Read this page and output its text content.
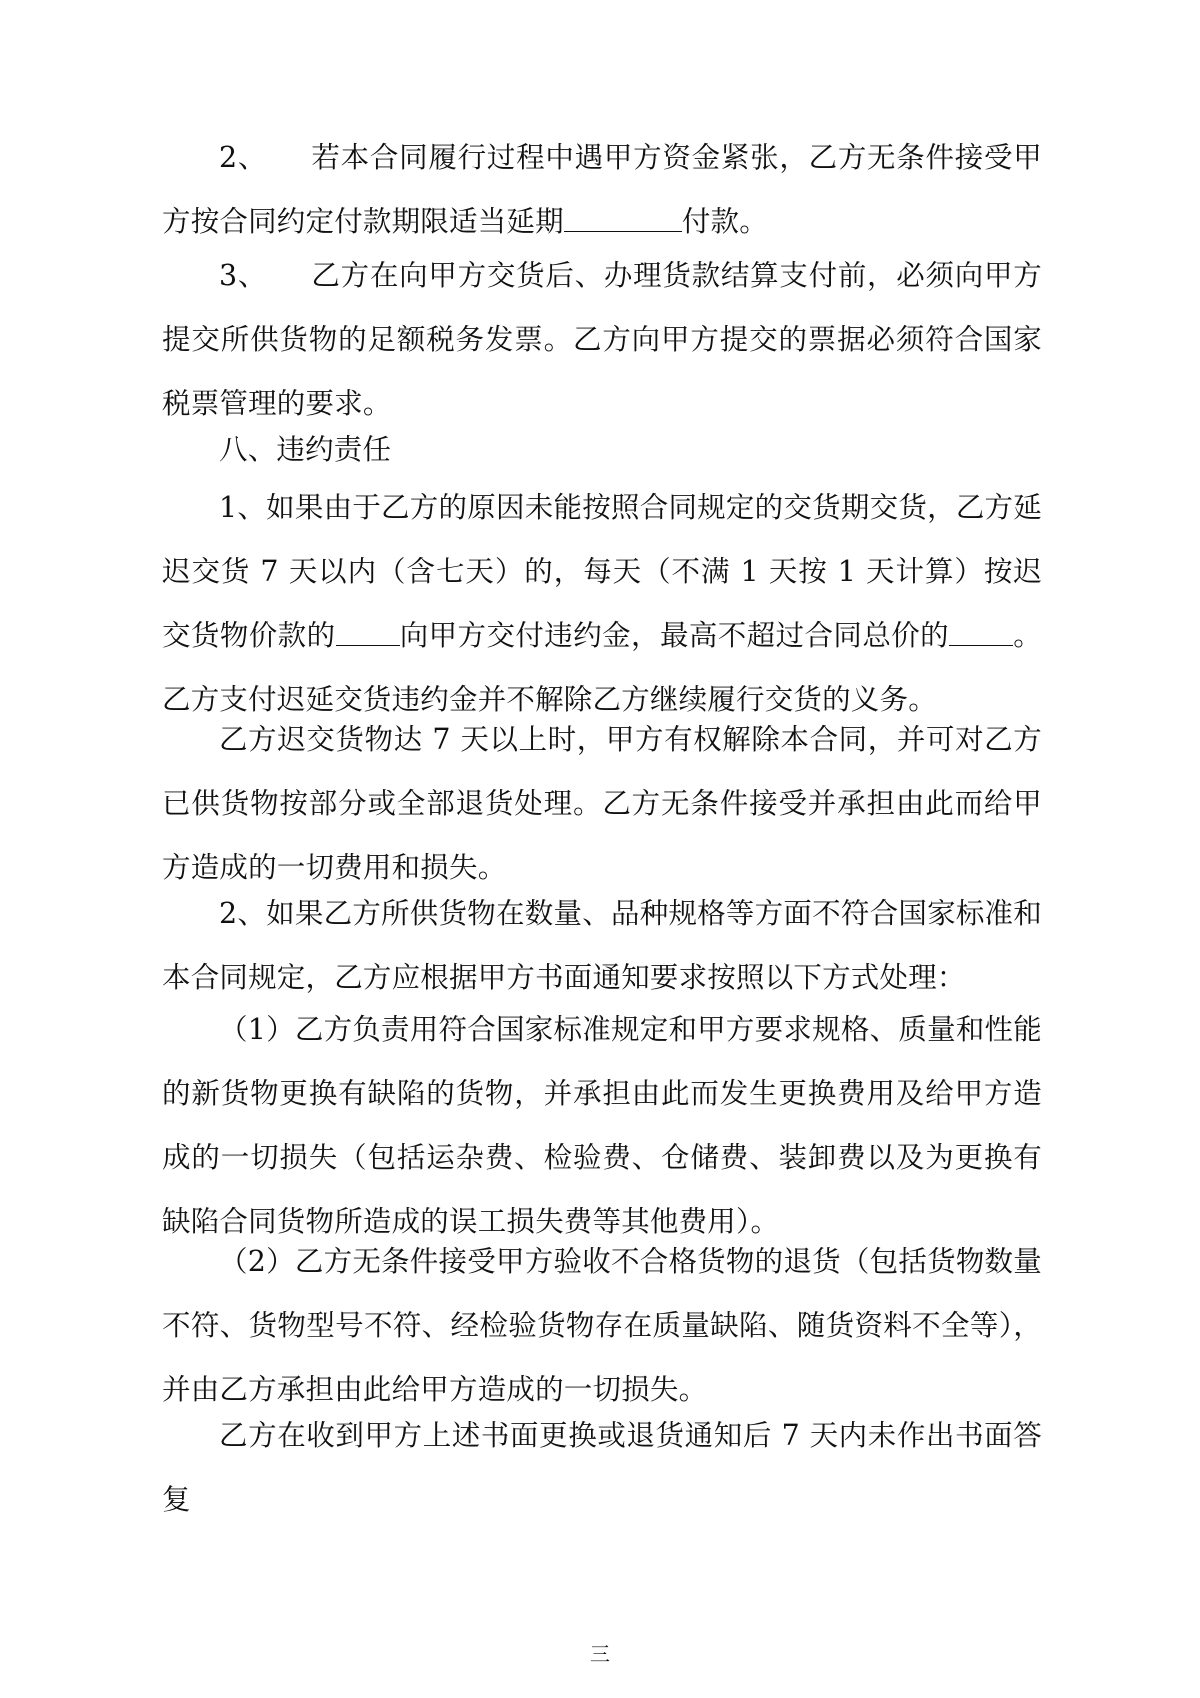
2、　　若本合同履行过程中遇甲方资金紧张，乙方无条件接受甲方按合同约定付款期限适当延期	付款。

3、　　乙方在向甲方交货后、办理货款结算支付前，必须向甲方提交所供货物的足额税务发票。乙方向甲方提交的票据必须符合国家税票管理的要求。

八、违约责任

1、如果由于乙方的原因未能按照合同规定的交货期交货，乙方延迟交货 7 天以内（含七天）的，每天（不满 1 天按 1 天计算）按迟交货物价款的 向甲方交付违约金，最高不超过合同总价的 。乙方支付迟延交货违约金并不解除乙方继续履行交货的义务。

乙方迟交货物达 7 天以上时，甲方有权解除本合同，并可对乙方已供货物按部分或全部退货处理。乙方无条件接受并承担由此而给甲方造成的一切费用和损失。

2、如果乙方所供货物在数量、品种规格等方面不符合国家标准和本合同规定，乙方应根据甲方书面通知要求按照以下方式处理：

（1）乙方负责用符合国家标准规定和甲方要求规格、质量和性能的新货物更换有缺陷的货物，并承担由此而发生更换费用及给甲方造成的一切损失（包括运杂费、检验费、仓储费、装卸费以及为更换有缺陷合同货物所造成的误工损失费等其他费用）。

（2）乙方无条件接受甲方验收不合格货物的退货（包括货物数量不符、货物型号不符、经检验货物存在质量缺陷、随货资料不全等），并由乙方承担由此给甲方造成的一切损失。

乙方在收到甲方上述书面更换或退货通知后 7 天内未作出书面答复

三
